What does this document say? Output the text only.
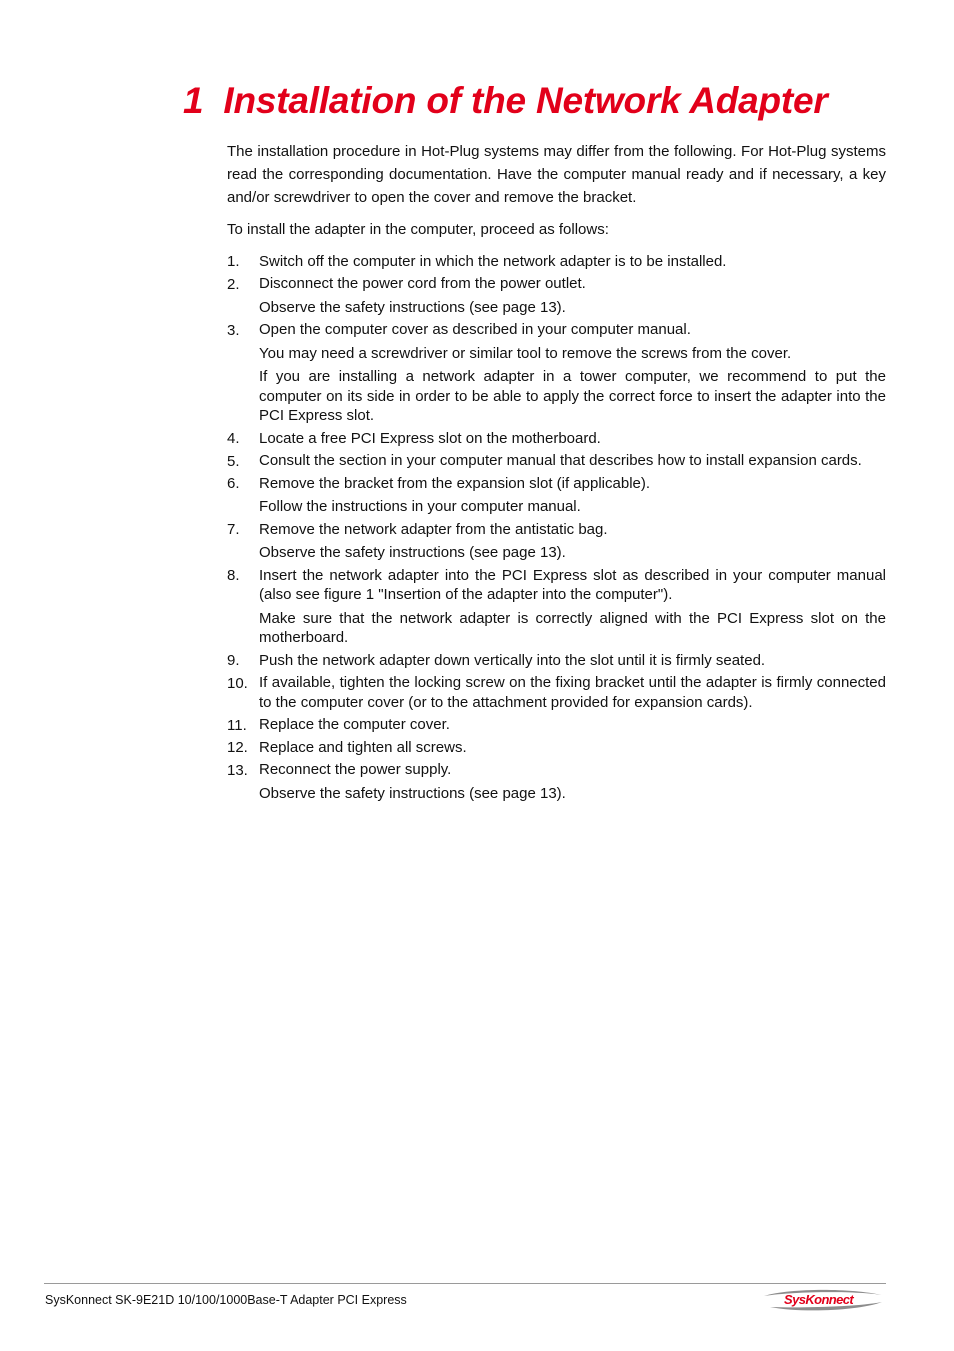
1 Installation of the Network Adapter

The installation procedure in Hot-Plug systems may differ from the following. For Hot-Plug systems read the corresponding documentation. Have the computer manual ready and if necessary, a key and/or screwdriver to open the cover and remove the bracket.

To install the adapter in the computer, proceed as follows:

1. Switch off the computer in which the network adapter is to be installed.
2. Disconnect the power cord from the power outlet.
Observe the safety instructions (see page 13).
3. Open the computer cover as described in your computer manual.
You may need a screwdriver or similar tool to remove the screws from the cover.
If you are installing a network adapter in a tower computer, we recommend to put the computer on its side in order to be able to apply the correct force to insert the adapter into the PCI Express slot.
4. Locate a free PCI Express slot on the motherboard.
5. Consult the section in your computer manual that describes how to install expansion cards.
6. Remove the bracket from the expansion slot (if applicable).
Follow the instructions in your computer manual.
7. Remove the network adapter from the antistatic bag.
Observe the safety instructions (see page 13).
8. Insert the network adapter into the PCI Express slot as described in your computer manual (also see figure 1 "Insertion of the adapter into the computer").
Make sure that the network adapter is correctly aligned with the PCI Express slot on the motherboard.
9. Push the network adapter down vertically into the slot until it is firmly seated.
10. If available, tighten the locking screw on the fixing bracket until the adapter is firmly connected to the computer cover (or to the attachment provided for expansion cards).
11. Replace the computer cover.
12. Replace and tighten all screws.
13. Reconnect the power supply.
Observe the safety instructions (see page 13).
SysKonnect SK-9E21D 10/100/1000Base-T Adapter PCI Express	SysKonnect
